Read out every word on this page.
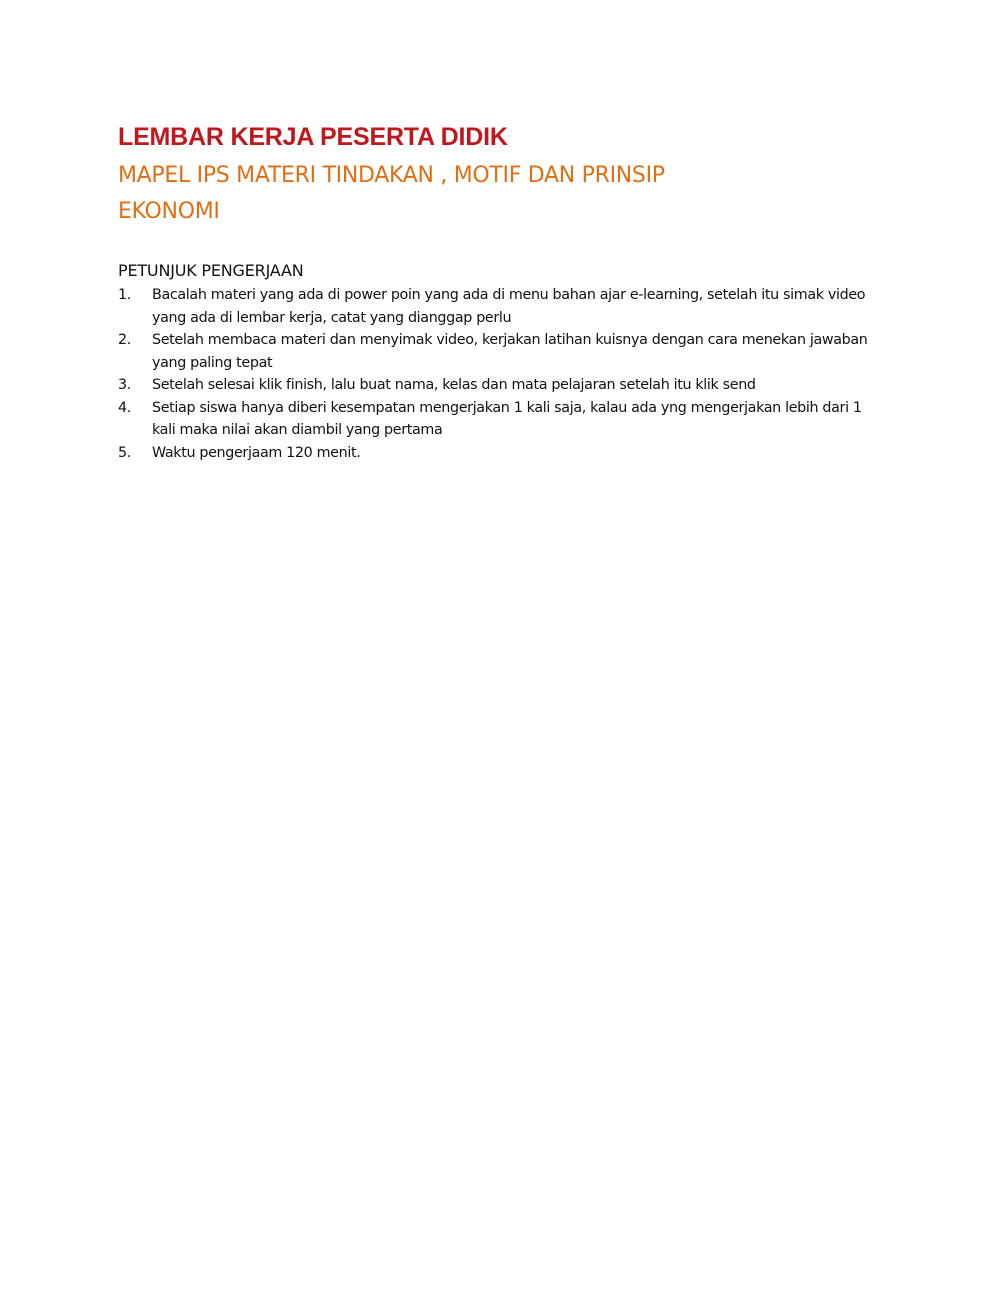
LEMBAR KERJA PESERTA DIDIK
MAPEL IPS MATERI TINDAKAN , MOTIF DAN PRINSIP
EKONOMI
PETUNJUK PENGERJAAN
1.	Bacalah materi yang ada di power poin yang ada di menu bahan ajar e-learning, setelah itu simak video yang ada di lembar kerja, catat yang dianggap perlu
2.	Setelah membaca materi dan menyimak video, kerjakan latihan kuisnya dengan cara menekan jawaban yang paling tepat
3.	Setelah selesai klik finish, lalu buat nama, kelas dan mata pelajaran setelah itu klik send
4.	Setiap siswa hanya diberi kesempatan mengerjakan 1 kali saja, kalau ada yng mengerjakan lebih dari 1 kali maka nilai akan diambil yang pertama
5.	Waktu pengerjaam 120 menit.
